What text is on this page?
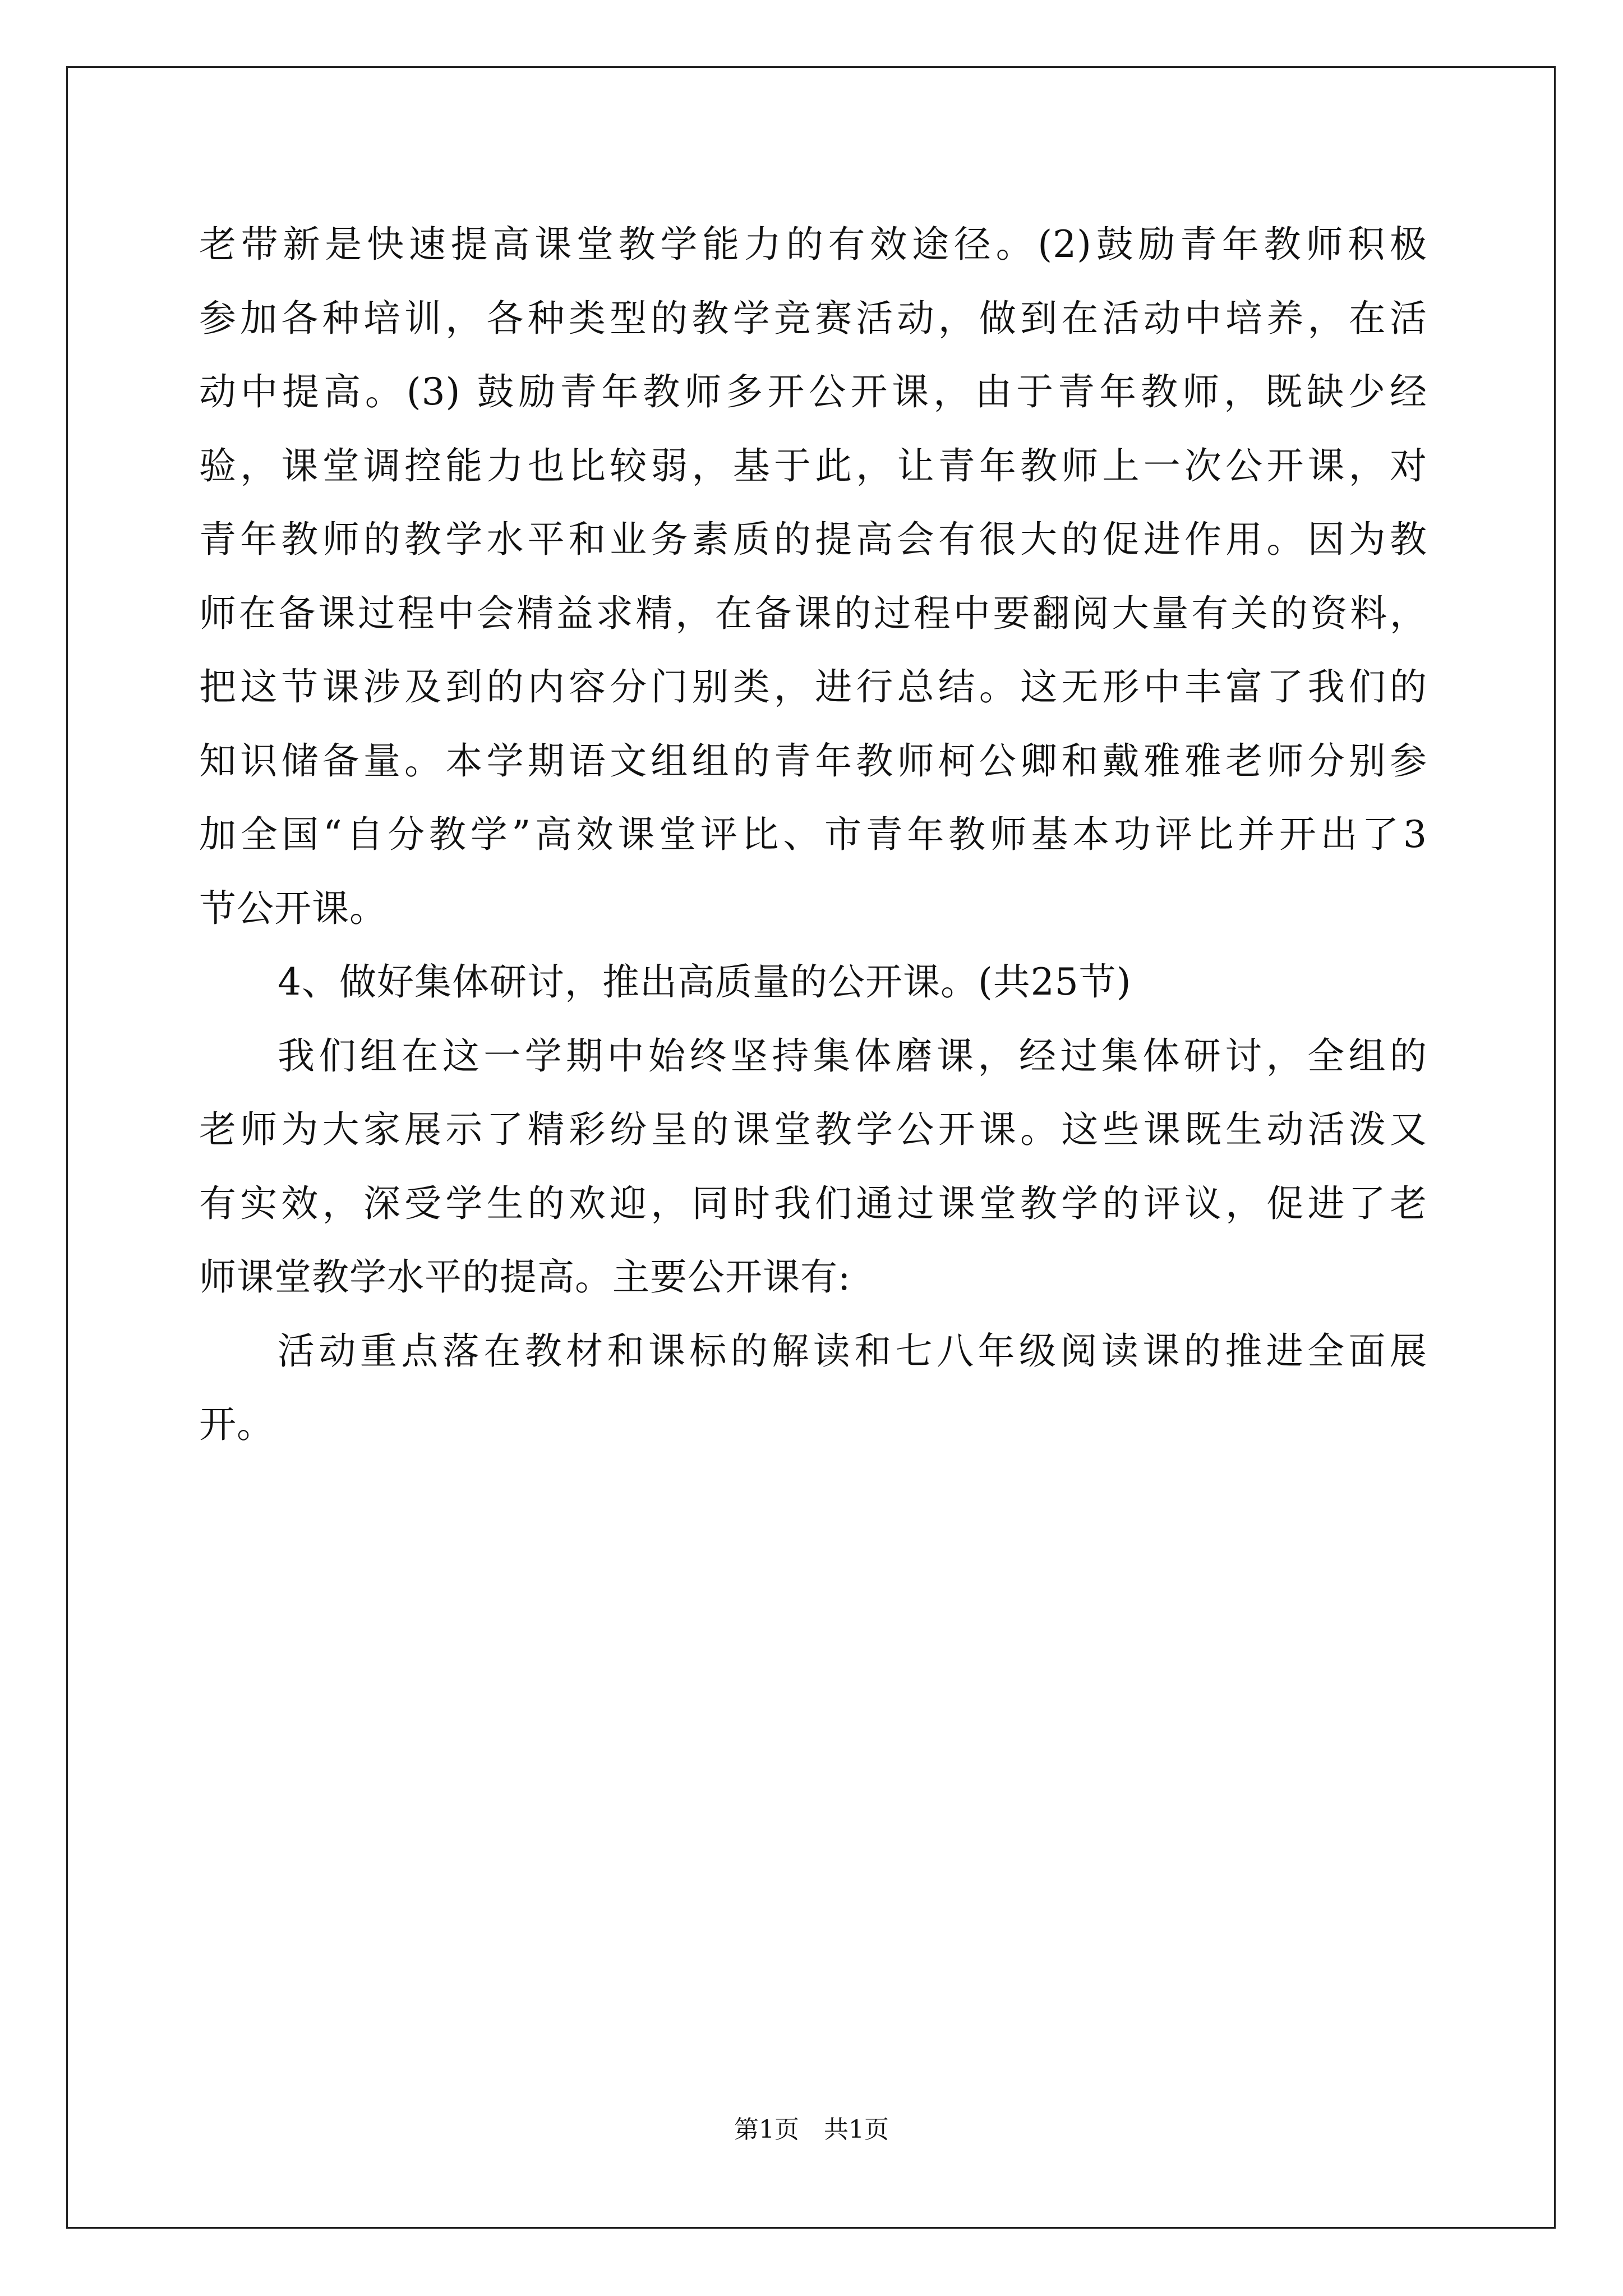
老带新是快速提高课堂教学能力的有效途径。(2)鼓励青年教师积极
参加各种培训，各种类型的教学竞赛活动，做到在活动中培养，在活
动中提高。(3) 鼓励青年教师多开公开课，由于青年教师，既缺少经
验，课堂调控能力也比较弱，基于此，让青年教师上一次公开课，对
青年教师的教学水平和业务素质的提高会有很大的促进作用。因为教
师在备课过程中会精益求精，在备课的过程中要翻阅大量有关的资料，
把这节课涉及到的内容分门别类，进行总结。这无形中丰富了我们的
知识储备量。本学期语文组组的青年教师柯公卿和戴雅雅老师分别参
加全国“自分教学”高效课堂评比、市青年教师基本功评比并开出了3
节公开课。
4、做好集体研讨，推出高质量的公开课。(共25节)
我们组在这一学期中始终坚持集体磨课，经过集体研讨，全组的
老师为大家展示了精彩纷呈的课堂教学公开课。这些课既生动活泼又
有实效，深受学生的欢迎，同时我们通过课堂教学的评议，促进了老
师课堂教学水平的提高。主要公开课有:
活动重点落在教材和课标的解读和七八年级阅读课的推进全面展
开。
第1页　共1页
